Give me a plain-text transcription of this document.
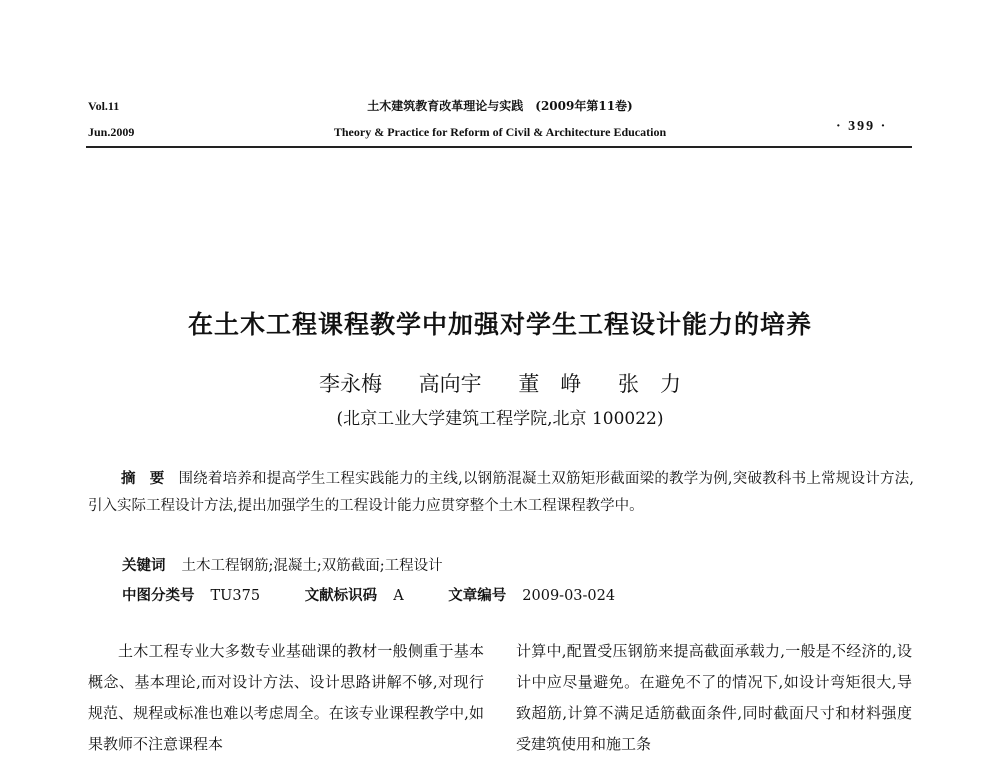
Vol.11
Jun.2009
土木建筑教育改革理论与实践　(2009年第11卷)
Theory & Practice for Reform of Civil & Architecture Education	· 399 ·
在土木工程课程教学中加强对学生工程设计能力的培养
李永梅 高向宇 董　峥 张　力
(北京工业大学建筑工程学院,北京 100022)
摘要围绕着培养和提高学生工程实践能力的主线,以钢筋混凝土双筋矩形截面梁的教学为例,突破教科书上常规设计方法,引入实际工程设计方法,提出加强学生的工程设计能力应贯穿整个土木工程课程教学中。
关键词 土木工程钢筋;混凝土;双筋截面;工程设计
中图分类号 TU375	文献标识码 A	文章编号 2009-03-024
土木工程专业大多数专业基础课的教材一般侧重于基本概念、基本理论,而对设计方法、设计思路讲解不够,对现行规范、规程或标准也难以考虑周全。在该专业课程教学中,如果教师不注意课程本
计算中,配置受压钢筋来提高截面承载力,一般是不经济的,设计中应尽量避免。在避免不了的情况下,如设计弯矩很大,导致超筋,计算不满足适筋截面条件,同时截面尺寸和材料强度受建筑使用和施工条
